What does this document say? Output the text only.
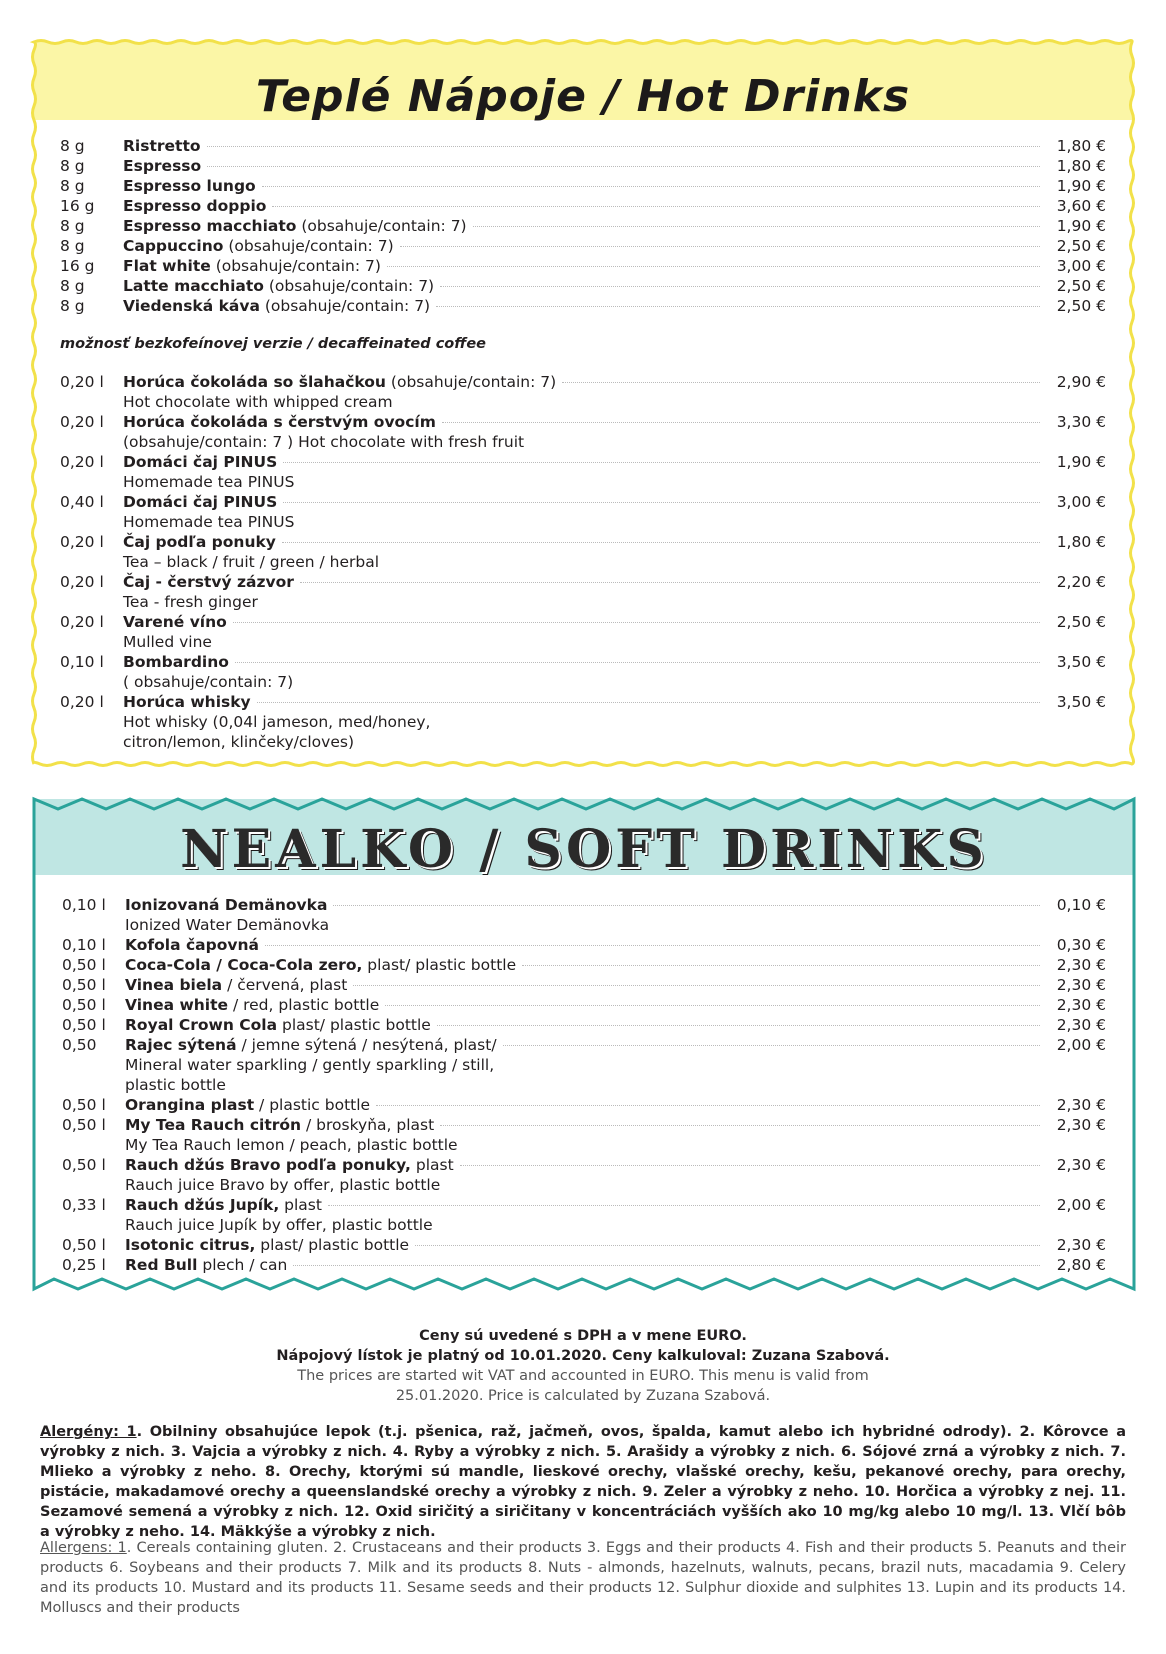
Teplé Nápoje / Hot Drinks
8 g	Ristretto	1,80 €
8 g	Espresso	1,80 €
8 g	Espresso lungo	1,90 €
16 g	Espresso doppio	3,60 €
8 g	Espresso macchiato (obsahuje/contain: 7)	1,90 €
8 g	Cappuccino (obsahuje/contain: 7)	2,50 €
16 g	Flat white (obsahuje/contain: 7)	3,00 €
8 g	Latte macchiato (obsahuje/contain: 7)	2,50 €
8 g	Viedenská káva (obsahuje/contain: 7)	2,50 €
možnosť bezkofeínovej verzie / decaffeinated coffee
0,20 l	Horúca čokoláda so šlahačkou (obsahuje/contain: 7)	2,90 €
Hot chocolate with whipped cream
0,20 l	Horúca čokoláda s čerstvým ovocím	3,30 €
(obsahuje/contain: 7 ) Hot chocolate with fresh fruit
0,20 l	Domáci čaj PINUS	1,90 €
Homemade tea PINUS
0,40 l	Domáci čaj PINUS	3,00 €
Homemade tea PINUS
0,20 l	Čaj podľa ponuky	1,80 €
Tea – black / fruit / green / herbal
0,20 l	Čaj - čerstvý zázvor	2,20 €
Tea - fresh ginger
0,20 l	Varené víno	2,50 €
Mulled vine
0,10 l	Bombardino	3,50 €
( obsahuje/contain: 7)
0,20 l	Horúca whisky	3,50 €
Hot whisky (0,04l jameson, med/honey,
citron/lemon, klinčeky/cloves)
NEALKO / SOFT DRINKS
0,10 l	Ionizovaná Demänovka	0,10 €
Ionized Water Demänovka
0,10 l	Kofola čapovná	0,30 €
0,50 l	Coca-Cola / Coca-Cola zero, plast/ plastic bottle	2,30 €
0,50 l	Vinea biela / červená, plast	2,30 €
0,50 l	Vinea white / red, plastic bottle	2,30 €
0,50 l	Royal Crown Cola plast/ plastic bottle	2,30 €
0,50	Rajec sýtená / jemne sýtená / nesýtená, plast/	2,00 €
Mineral water sparkling / gently sparkling / still,
plastic bottle
0,50 l	Orangina plast / plastic bottle	2,30 €
0,50 l	My Tea Rauch citrón / broskyňa, plast	2,30 €
My Tea Rauch lemon / peach, plastic bottle
0,50 l	Rauch džús Bravo podľa ponuky, plast	2,30 €
Rauch juice Bravo by offer, plastic bottle
0,33 l	Rauch džús Jupík, plast	2,00 €
Rauch juice Jupík by offer, plastic bottle
0,50 l	Isotonic citrus, plast/ plastic bottle	2,30 €
0,25 l	Red Bull plech / can	2,80 €
Ceny sú uvedené s DPH a v mene EURO.
Nápojový lístok je platný od 10.01.2020. Ceny kalkuloval: Zuzana Szabová.
The prices are started wit VAT and accounted in EURO. This menu is valid from
25.01.2020. Price is calculated by Zuzana Szabová.
Alergény: 1. Obilniny obsahujúce lepok (t.j. pšenica, raž, jačmeň, ovos, špalda, kamut alebo ich hybridné odrody). 2. Kôrovce a výrobky z nich. 3. Vajcia a výrobky z nich. 4. Ryby a výrobky z nich. 5. Arašidy a výrobky z nich. 6. Sójové zrná a výrobky z nich. 7. Mlieko a výrobky z neho. 8. Orechy, ktorými sú mandle, lieskové orechy, vlašské orechy, kešu, pekanové orechy, para orechy, pistácie, makadamové orechy a queenslandské orechy a výrobky z nich. 9. Zeler a výrobky z neho. 10. Horčica a výrobky z nej. 11. Sezamové semená a výrobky z nich. 12. Oxid siričitý a siričitany v koncentráciách vyšších ako 10 mg/kg alebo 10 mg/l. 13. Vlčí bôb a výrobky z neho. 14. Mäkkýše a výrobky z nich.
Allergens: 1. Cereals containing gluten. 2. Crustaceans and their products 3. Eggs and their products 4. Fish and their products 5. Peanuts and their products 6. Soybeans and their products 7. Milk and its products 8. Nuts - almonds, hazelnuts, walnuts, pecans, brazil nuts, macadamia 9. Celery and its products 10. Mustard and its products 11. Sesame seeds and their products 12. Sulphur dioxide and sulphites 13. Lupin and its products 14. Molluscs and their products
